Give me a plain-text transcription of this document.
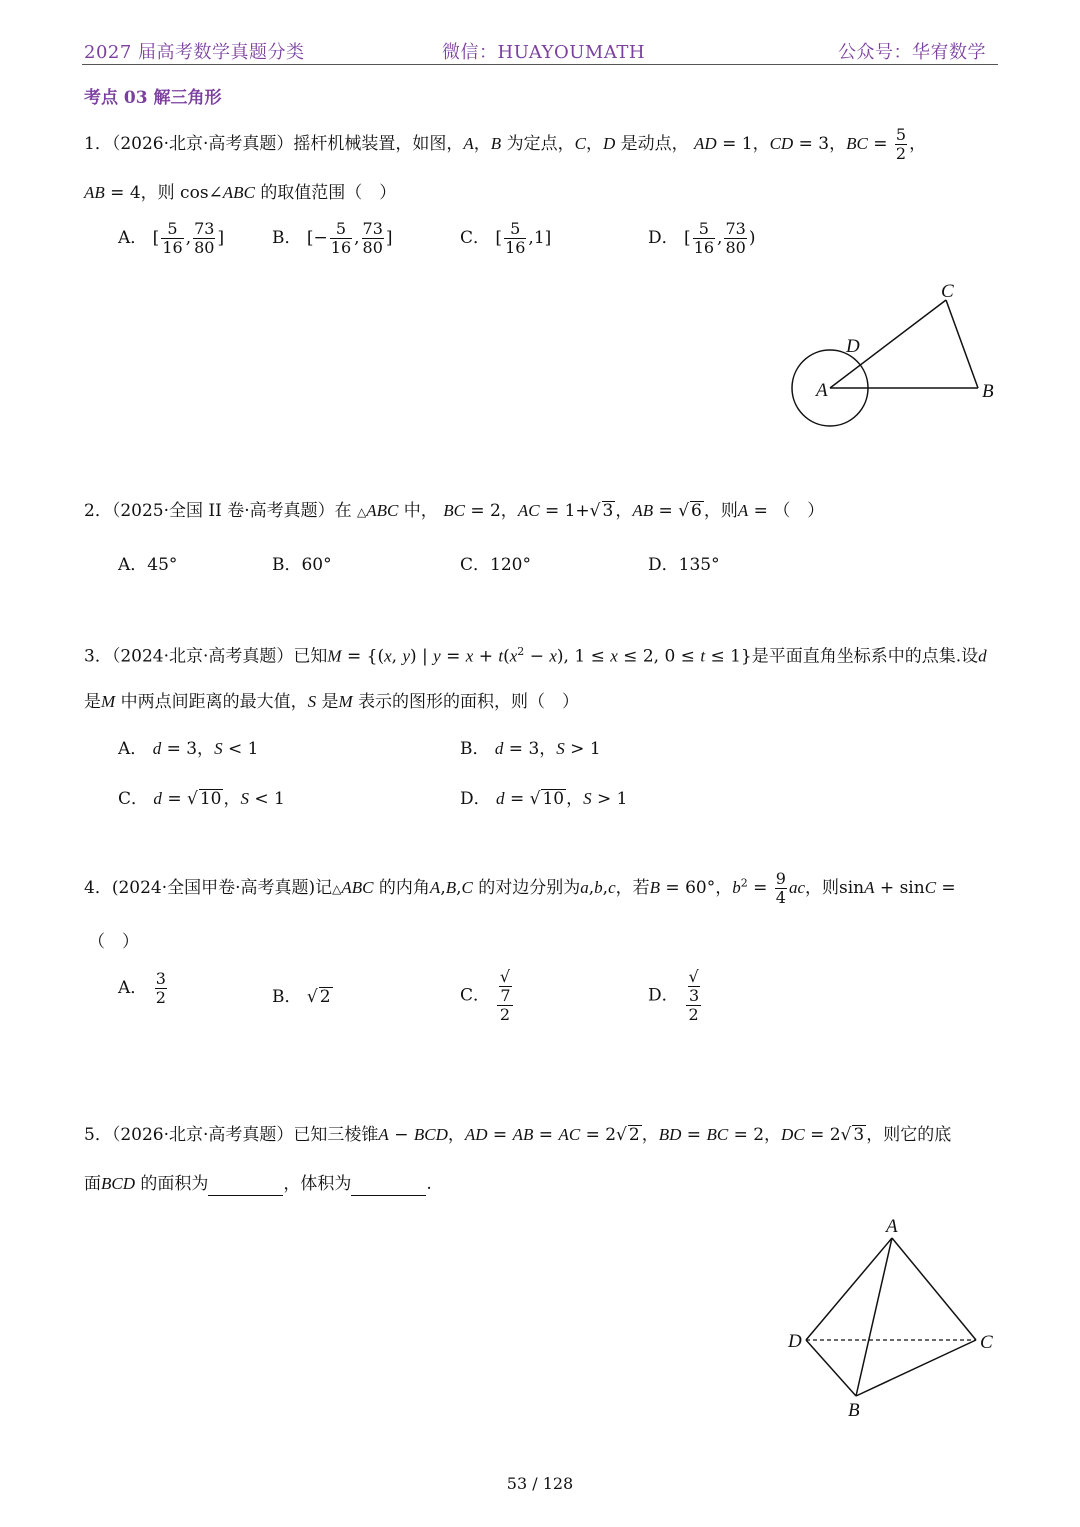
2027 届高考数学真题分类	微信：HUAYOUMATH	公众号：华宥数学
考点 03 解三角形
1．（2026·北京·高考真题）摇杆机械装置，如图，A，B 为定点，C，D 是动点， AD = 1，CD = 3，BC = $\frac{5}{2}$ ，
AB = 4，则 cos∠ABC 的取值范围（　）
A． [ $\frac{5}{16}$ , $\frac{73}{80}$ ]	B． [− $\frac{5}{16}$ , $\frac{73}{80}$ ]	C． [ $\frac{5}{16} ,1$]	D． [ $\frac{5}{16}$ , $\frac{73}{80}$ )
C
D
A	B
2．（2025·全国 II 卷·高考真题）在 △ABC 中， BC = 2，AC = 1+√ 3 ，AB = √ 6 ，则A = （　）
A．45°	B．60°	C．120°	D．135°
3．（2024·北京·高考真题）已知M = {(x, y) | $y = x + t(x^2 - x)$, 1 ≤ x ≤ 2, 0 ≤ t ≤ 1}是平面直角坐标系中的点集.设d
是M 中两点间距离的最大值，S 是M 表示的图形的面积，则（　）
A． d = 3，S < 1	B． d = 3，S > 1
C． d = √ 10 ，S < 1	D． d = √ 10 ，S > 1
4．(2024·全国甲卷·高考真题)记△ABC 的内角A,B,C 的对边分别为a,b,c，若B = 60°，$b^2 = \frac{9}{4}$ ac，则sinA + sinC =
（　）
A． $\frac{3}{2}$	B． √ 2	C． √
7
2	D． √
3
2
5．（2026·北京·高考真题）已知三棱锥A − BCD，AD = AB = AC = 2√ 2 ，BD = BC = 2，DC = 2√ 3 ，则它的底
面BCD 的面积为	，体积为	.
A
D	C
B
53 / 128
